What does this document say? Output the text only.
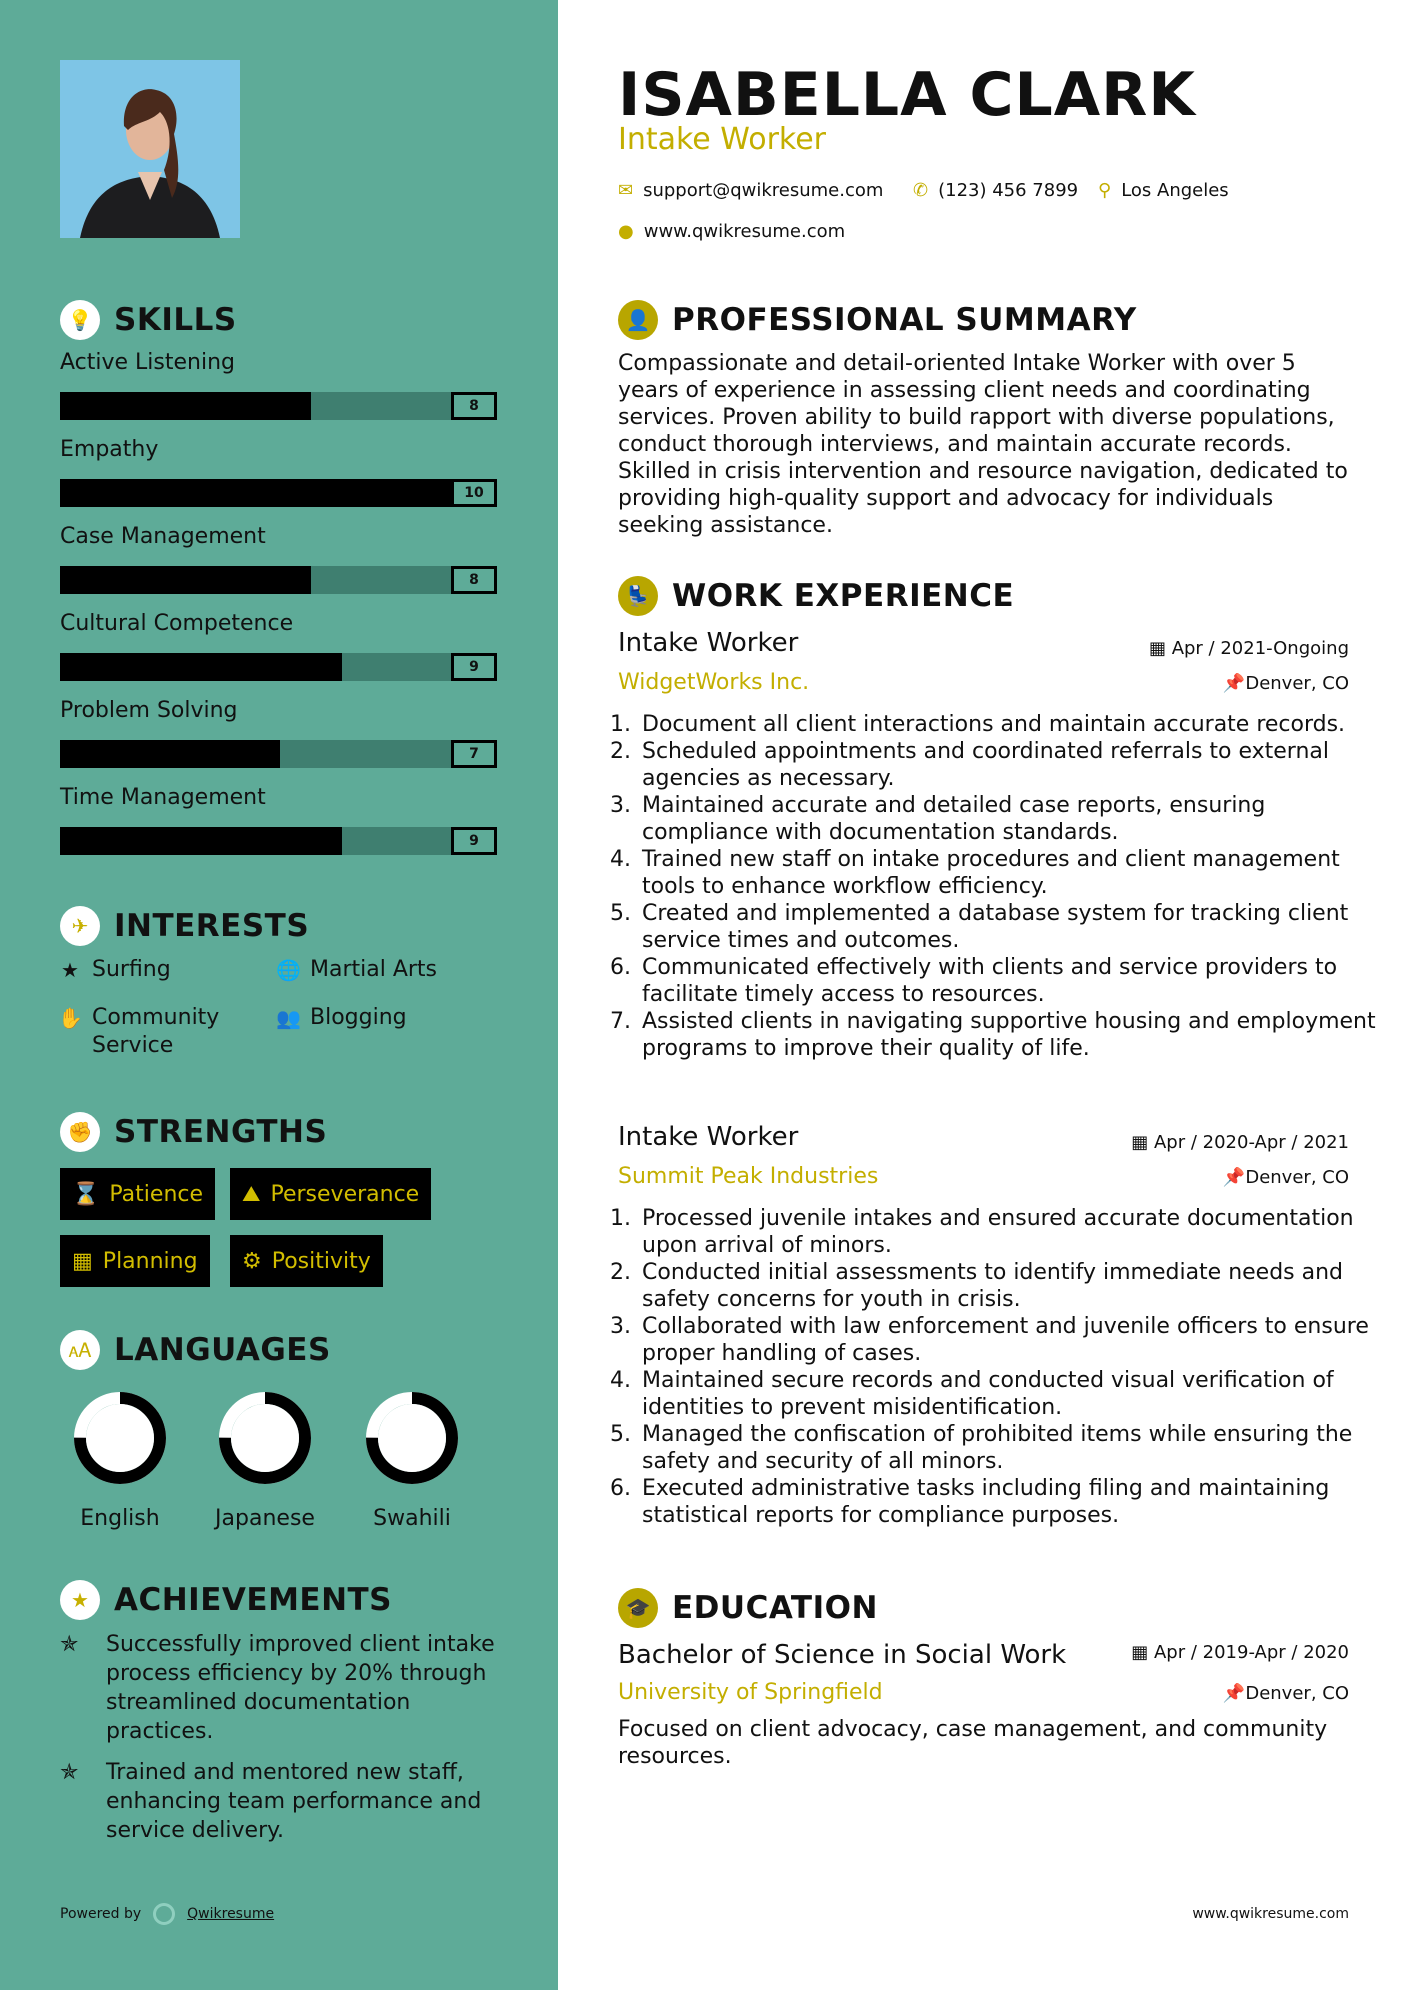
💡 SKILLS
Active Listening
8
Empathy
10
Case Management
8
Cultural Competence
9
Problem Solving
7
Time Management
9
✈ INTERESTS
★ Surfing	🌐 Martial Arts
✋ Community Service
👥 Blogging
✊ STRENGTHS
⌛ Patience ⛰ Perseverance
▦ Planning ⚙ Positivity
🗚 LANGUAGES
English	Japanese	Swahili
★ ACHIEVEMENTS
✯	Successfully improved client intake process efficiency by 20% through streamlined documentation practices.
✯	Trained and mentored new staff, enhancing team performance and service delivery.
Powered by	Qwikresume
ISABELLA CLARK
Intake Worker
✉ support@qwikresume.com ✆ (123) 456 7899 ⚲ Los Angeles
● www.qwikresume.com
👤 PROFESSIONAL SUMMARY
Compassionate and detail-oriented Intake Worker with over 5 years of experience in assessing client needs and coordinating services. Proven ability to build rapport with diverse populations, conduct thorough interviews, and maintain accurate records. Skilled in crisis intervention and resource navigation, dedicated to providing high-quality support and advocacy for individuals seeking assistance.
💺 WORK EXPERIENCE
Intake Worker	▦ Apr / 2021-Ongoing
WidgetWorks Inc.	📌Denver, CO
1. Document all client interactions and maintain accurate records.
2. Scheduled appointments and coordinated referrals to external agencies as necessary.
3. Maintained accurate and detailed case reports, ensuring compliance with documentation standards.
4. Trained new staff on intake procedures and client management tools to enhance workflow efficiency.
5. Created and implemented a database system for tracking client service times and outcomes.
6. Communicated effectively with clients and service providers to facilitate timely access to resources.
7. Assisted clients in navigating supportive housing and employment programs to improve their quality of life.
Intake Worker	▦ Apr / 2020-Apr / 2021
Summit Peak Industries	📌Denver, CO
1. Processed juvenile intakes and ensured accurate documentation upon arrival of minors.
2. Conducted initial assessments to identify immediate needs and safety concerns for youth in crisis.
3. Collaborated with law enforcement and juvenile officers to ensure proper handling of cases.
4. Maintained secure records and conducted visual verification of identities to prevent misidentification.
5. Managed the confiscation of prohibited items while ensuring the safety and security of all minors.
6. Executed administrative tasks including filing and maintaining statistical reports for compliance purposes.
🎓 EDUCATION
Bachelor of Science in Social Work	▦ Apr / 2019-Apr / 2020
University of Springfield	📌Denver, CO
Focused on client advocacy, case management, and community resources.
www.qwikresume.com
